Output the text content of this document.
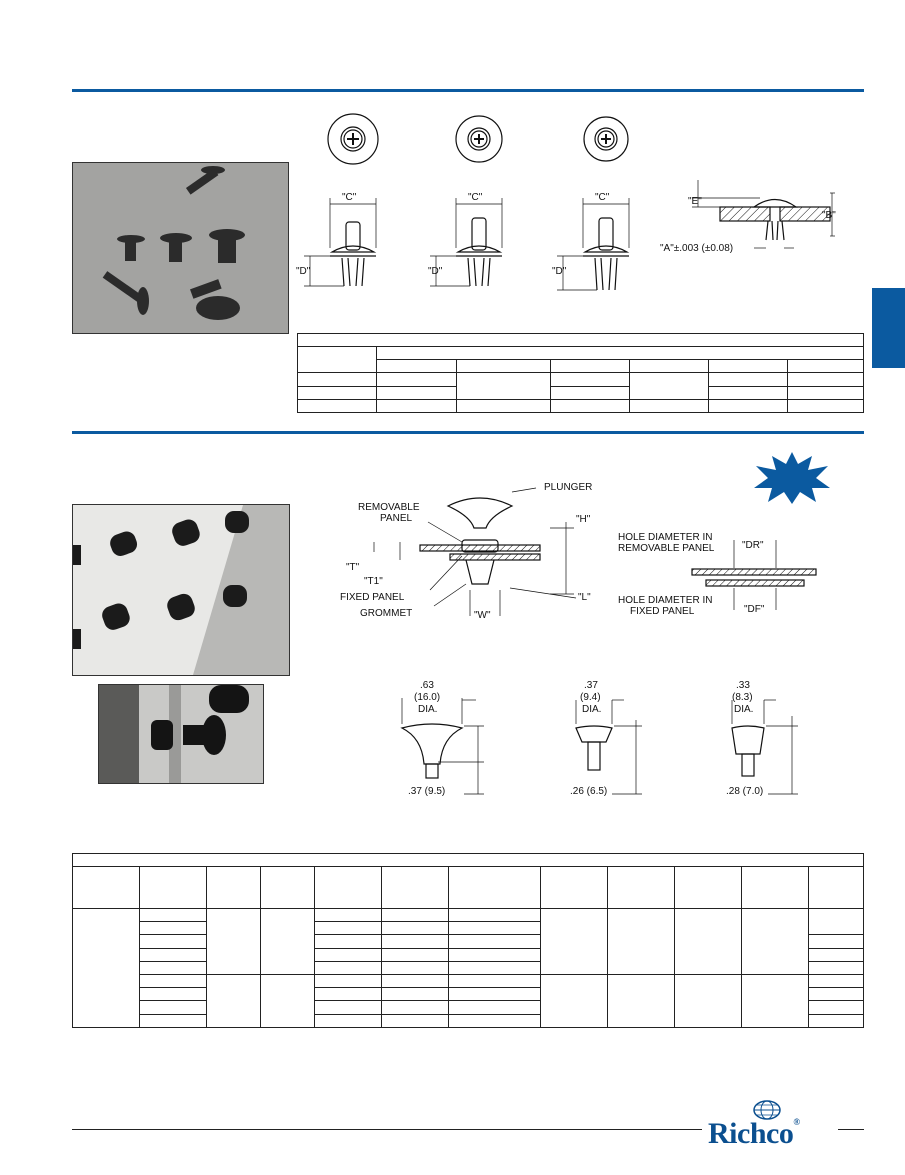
"C"	"C"	"C"
"D"	"D"	"D"
"E"
"B"
"A"±.003 (±0.08)

PLUNGER
REMOVABLE
PANEL	"H"
"T"
"T1"
FIXED PANEL
GROMMET	"W"
"L"
HOLE DIAMETER IN
REMOVABLE PANEL	"DR"
HOLE DIAMETER IN
FIXED PANEL	"DF"
.63
(16.0)
DIA.
.37 (9.5)
.37
(9.4)
DIA.
.26 (6.5)
.33
(8.3)
DIA.
.28 (7.0)

Richco®
